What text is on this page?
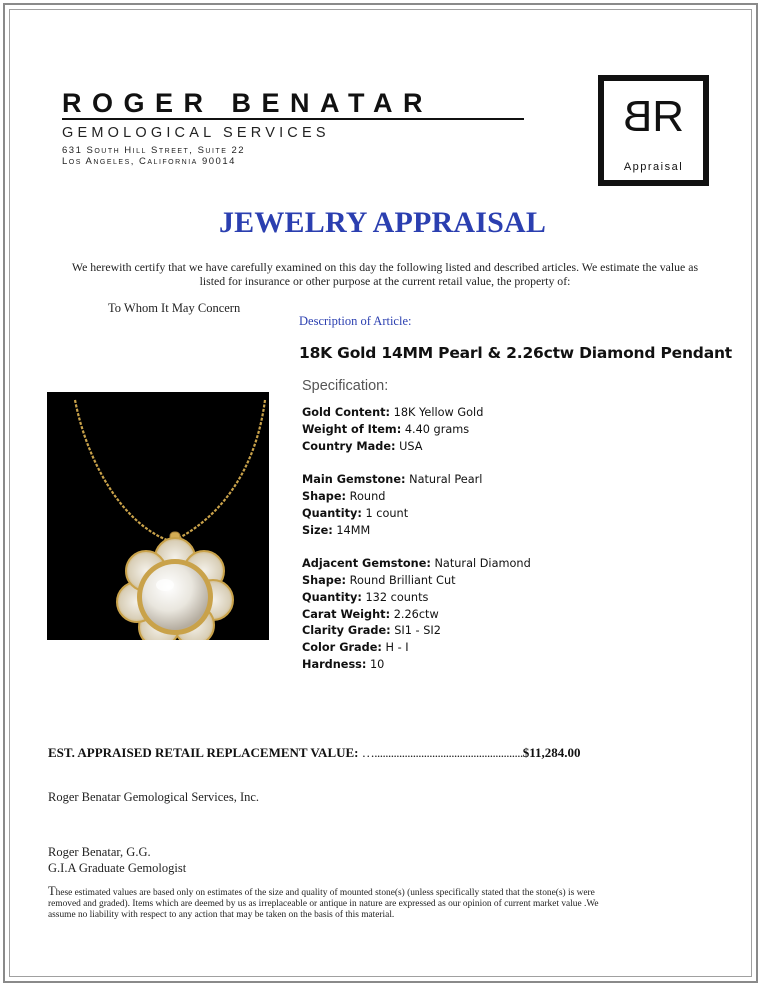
ROGER BENATAR
GEMOLOGICAL SERVICES
631 South Hill Street, Suite 22
Los Angeles, California 90014
BR
Appraisal
JEWELRY APPRAISAL
We herewith certify that we have carefully examined on this day the following listed and described articles. We estimate the value as listed for insurance or other purpose at the current retail value, the property of:
To Whom It May Concern
Description of Article:
18K Gold 14MM Pearl & 2.26ctw Diamond Pendant
Specification:
Gold Content: 18K Yellow Gold
Weight of Item: 4.40 grams
Country Made: USA
Main Gemstone: Natural Pearl
Shape: Round
Quantity: 1 count
Size: 14MM
Adjacent Gemstone: Natural Diamond
Shape: Round Brilliant Cut
Quantity: 132 counts
Carat Weight: 2.26ctw
Clarity Grade: SI1 - SI2
Color Grade: H - I
Hardness: 10
EST. APPRAISED RETAIL REPLACEMENT VALUE: …......................................................$11,284.00
Roger Benatar Gemological Services, Inc.
Roger Benatar, G.G.
G.I.A Graduate Gemologist
These estimated values are based only on estimates of the size and quality of mounted stone(s) (unless specifically stated that the stone(s) is were removed and graded). Items which are deemed by us as irreplaceable or antique in nature are expressed as our opinion of current market value .We assume no liability with respect to any action that may be taken on the basis of this material.
